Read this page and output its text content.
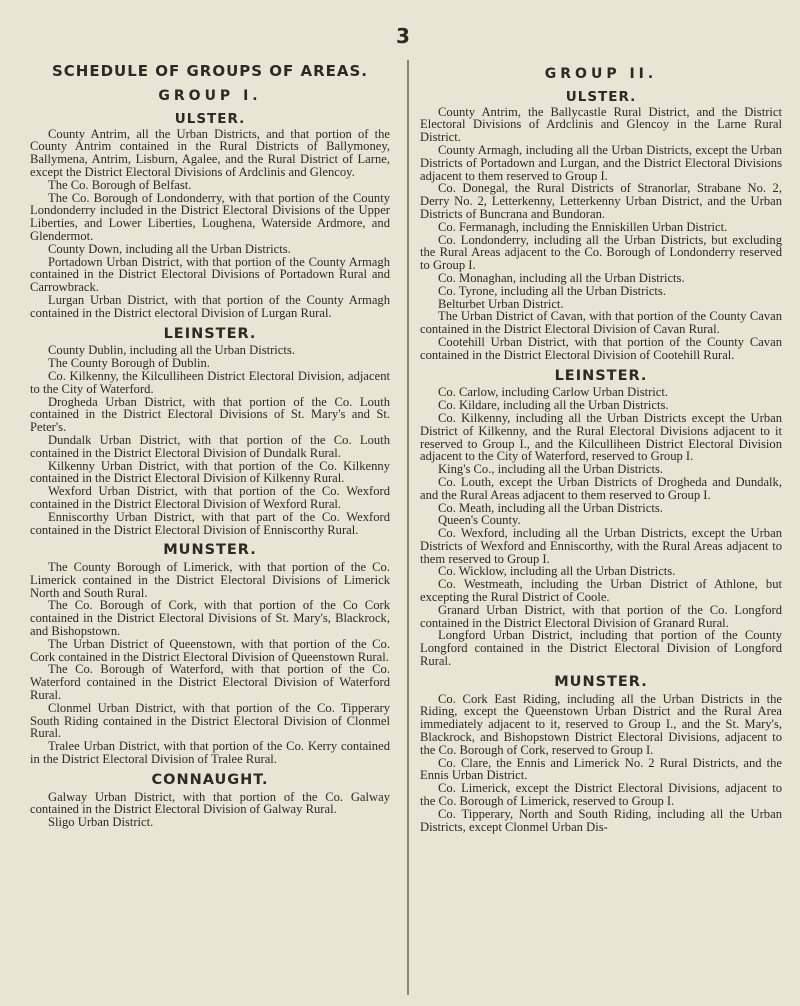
3
SCHEDULE OF GROUPS OF AREAS.
GROUP I.
ULSTER.

County Antrim, all the Urban Districts, and that portion of the County Antrim contained in the Rural Districts of Ballymoney, Ballymena, Antrim, Lisburn, Agalee, and the Rural District of Larne, except the District Electoral Divisions of Ardclinis and Glencoy.

The Co. Borough of Belfast.

The Co. Borough of Londonderry, with that portion of the County Londonderry included in the District Electoral Divisions of the Upper Liberties, and Lower Liberties, Loughena, Waterside Ardmore, and Glendermot.

County Down, including all the Urban Districts.

Portadown Urban District, with that portion of the County Armagh contained in the District Electoral Divisions of Portadown Rural and Carrowbrack.

Lurgan Urban District, with that portion of the County Armagh contained in the District electoral Division of Lurgan Rural.

LEINSTER.

County Dublin, including all the Urban Districts.

The County Borough of Dublin.

Co. Kilkenny, the Kilculliheen District Electoral Division, adjacent to the City of Waterford.

Drogheda Urban District, with that portion of the Co. Louth contained in the District Electoral Divisions of St. Mary's and St. Peter's.

Dundalk Urban District, with that portion of the Co. Louth contained in the District Electoral Division of Dundalk Rural.

Kilkenny Urban District, with that portion of the Co. Kilkenny contained in the District Electoral Division of Kilkenny Rural.

Wexford Urban District, with that portion of the Co. Wexford contained in the District Electoral Division of Wexford Rural.

Enniscorthy Urban District, with that part of the Co. Wexford contained in the District Electoral Division of Enniscorthy Rural.

MUNSTER.

The County Borough of Limerick, with that portion of the Co. Limerick contained in the District Electoral Divisions of Limerick North and South Rural.

The Co. Borough of Cork, with that portion of the Co Cork contained in the District Electoral Divisions of St. Mary's, Blackrock, and Bishopstown.

The Urban District of Queenstown, with that portion of the Co. Cork contained in the District Electoral Division of Queenstown Rural.

The Co. Borough of Waterford, with that portion of the Co. Waterford contained in the District Electoral Division of Waterford Rural.

Clonmel Urban District, with that portion of the Co. Tipperary South Riding contained in the District Electoral Division of Clonmel Rural.

Tralee Urban District, with that portion of the Co. Kerry contained in the District Electoral Division of Tralee Rural.

CONNAUGHT.

Galway Urban District, with that portion of the Co. Galway contained in the District Electoral Division of Galway Rural.

Sligo Urban District.

GROUP II.
ULSTER.

County Antrim, the Ballycastle Rural District, and the District Electoral Divisions of Ardclinis and Glencoy in the Larne Rural District.

County Armagh, including all the Urban Districts, except the Urban Districts of Portadown and Lurgan, and the District Electoral Divisions adjacent to them reserved to Group I.

Co. Donegal, the Rural Districts of Stranorlar, Strabane No. 2, Derry No. 2, Letterkenny, Letterkenny Urban District, and the Urban Districts of Buncrana and Bundoran.

Co. Fermanagh, including the Enniskillen Urban District.

Co. Londonderry, including all the Urban Districts, but excluding the Rural Areas adjacent to the Co. Borough of Londonderry reserved to Group I.

Co. Monaghan, including all the Urban Districts.

Co. Tyrone, including all the Urban Districts.

Belturbet Urban District.

The Urban District of Cavan, with that portion of the County Cavan contained in the District Electoral Division of Cavan Rural.

Cootehill Urban District, with that portion of the County Cavan contained in the District Electoral Division of Cootehill Rural.

LEINSTER.

Co. Carlow, including Carlow Urban District.

Co. Kildare, including all the Urban Districts.

Co. Kilkenny, including all the Urban Districts except the Urban District of Kilkenny, and the Rural Electoral Divisions adjacent to it reserved to Group I., and the Kilculliheen District Electoral Division adjacent to the City of Waterford, reserved to Group I.

King's Co., including all the Urban Districts.

Co. Louth, except the Urban Districts of Drogheda and Dundalk, and the Rural Areas adjacent to them reserved to Group I.

Co. Meath, including all the Urban Districts.

Queen's County.

Co. Wexford, including all the Urban Districts, except the Urban Districts of Wexford and Enniscorthy, with the Rural Areas adjacent to them reserved to Group I.

Co. Wicklow, including all the Urban Districts.

Co. Westmeath, including the Urban District of Athlone, but excepting the Rural District of Coole.

Granard Urban District, with that portion of the Co. Longford contained in the District Electoral Division of Granard Rural.

Longford Urban District, including that portion of the County Longford contained in the District Electoral Division of Longford Rural.

MUNSTER.

Co. Cork East Riding, including all the Urban Districts in the Riding, except the Queenstown Urban District and the Rural Area immediately adjacent to it, reserved to Group I., and the St. Mary's, Blackrock, and Bishopstown District Electoral Divisions, adjacent to the Co. Borough of Cork, reserved to Group I.

Co. Clare, the Ennis and Limerick No. 2 Rural Districts, and the Ennis Urban District.

Co. Limerick, except the District Electoral Divisions, adjacent to the Co. Borough of Limerick, reserved to Group I.

Co. Tipperary, North and South Riding, including all the Urban Districts, except Clonmel Urban Dis-
